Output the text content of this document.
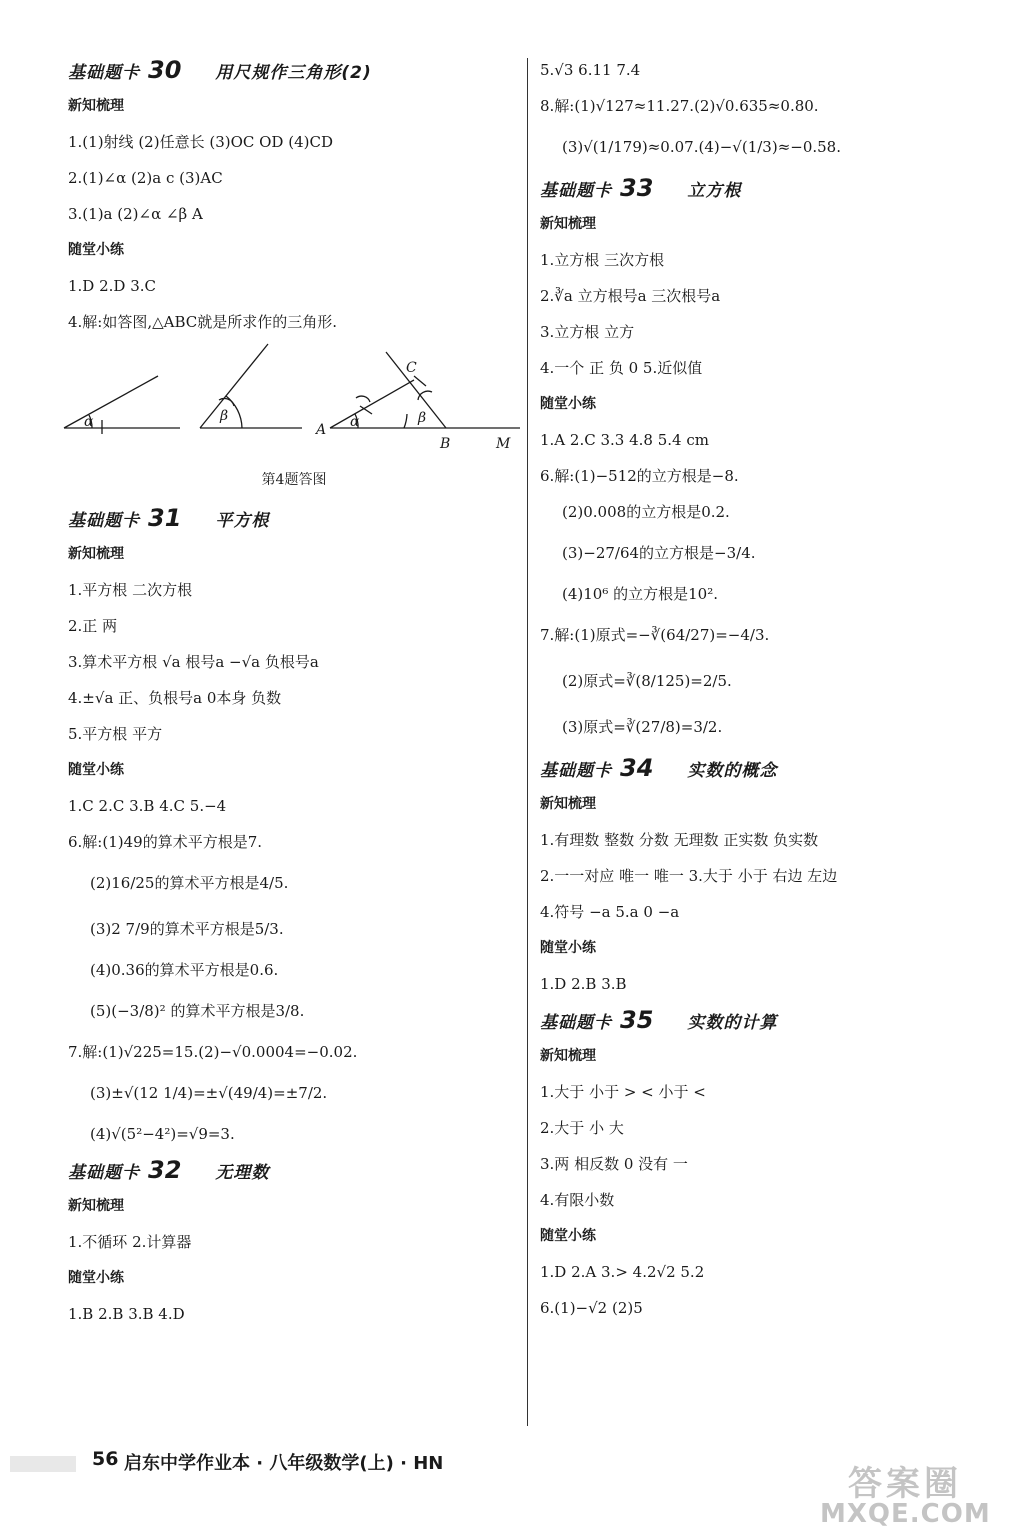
基础题卡 30 用尺规作三角形(2)
新知梳理
1.(1)射线 (2)任意长 (3)OC OD (4)CD
2.(1)∠α (2)a c (3)AC
3.(1)a (2)∠α ∠β A
随堂小练
1.D 2.D 3.C
4.解:如答图,△ABC就是所求作的三角形.
α	β	α	β
A
B
C
M
第4题答图
基础题卡 31 平方根
新知梳理
1.平方根 二次方根
2.正 两
3.算术平方根 √a 根号a −√a 负根号a
4.±√a 正、负根号a 0本身 负数
5.平方根 平方
随堂小练
1.C 2.C 3.B 4.C 5.−4
6.解:(1)49的算术平方根是7.
(2)16/25的算术平方根是4/5.
(3)2 7/9的算术平方根是5/3.
(4)0.36的算术平方根是0.6.
(5)(−3/8)² 的算术平方根是3/8.
7.解:(1)√225=15.(2)−√0.0004=−0.02.
(3)±√(12 1/4)=±√(49/4)=±7/2.
(4)√(5²−4²)=√9=3.
基础题卡 32 无理数
新知梳理
1.不循环 2.计算器
随堂小练
1.B 2.B 3.B 4.D
5.√3 6.11 7.4
8.解:(1)√127≈11.27.(2)√0.635≈0.80.
(3)√(1/179)≈0.07.(4)−√(1/3)≈−0.58.
基础题卡 33 立方根
新知梳理
1.立方根 三次方根
2.∛a 立方根号a 三次根号a
3.立方根 立方
4.一个 正 负 0 5.近似值
随堂小练
1.A 2.C 3.3 4.8 5.4 cm
6.解:(1)−512的立方根是−8.
(2)0.008的立方根是0.2.
(3)−27/64的立方根是−3/4.
(4)10⁶ 的立方根是10².
7.解:(1)原式=−∛(64/27)=−4/3.
(2)原式=∛(8/125)=2/5.
(3)原式=∛(27/8)=3/2.
基础题卡 34 实数的概念
新知梳理
1.有理数 整数 分数 无理数 正实数 负实数
2.一一对应 唯一 唯一 3.大于 小于 右边 左边
4.符号 −a 5.a 0 −a
随堂小练
1.D 2.B 3.B
基础题卡 35 实数的计算
新知梳理
1.大于 小于 > < 小于 <
2.大于 小 大
3.两 相反数 0 没有 一
4.有限小数
随堂小练
1.D 2.A 3.> 4.2√2 5.2
6.(1)−√2 (2)5
56 启东中学作业本 · 八年级数学(上) · HN
答案圈
MXQE.COM
